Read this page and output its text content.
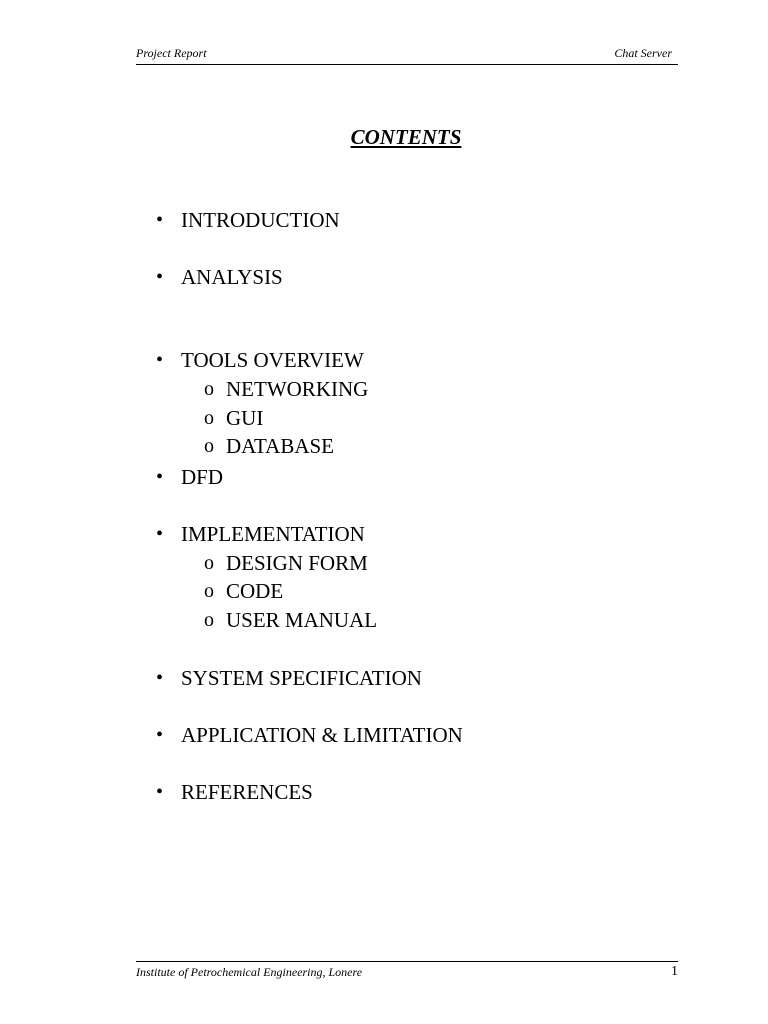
Project Report	Chat Server
CONTENTS
• INTRODUCTION
• ANALYSIS
• TOOLS OVERVIEW
o NETWORKING
o GUI
o DATABASE
• DFD
• IMPLEMENTATION
o DESIGN FORM
o CODE
o USER MANUAL
• SYSTEM SPECIFICATION
• APPLICATION & LIMITATION
• REFERENCES
Institute of Petrochemical Engineering, Lonere	1
